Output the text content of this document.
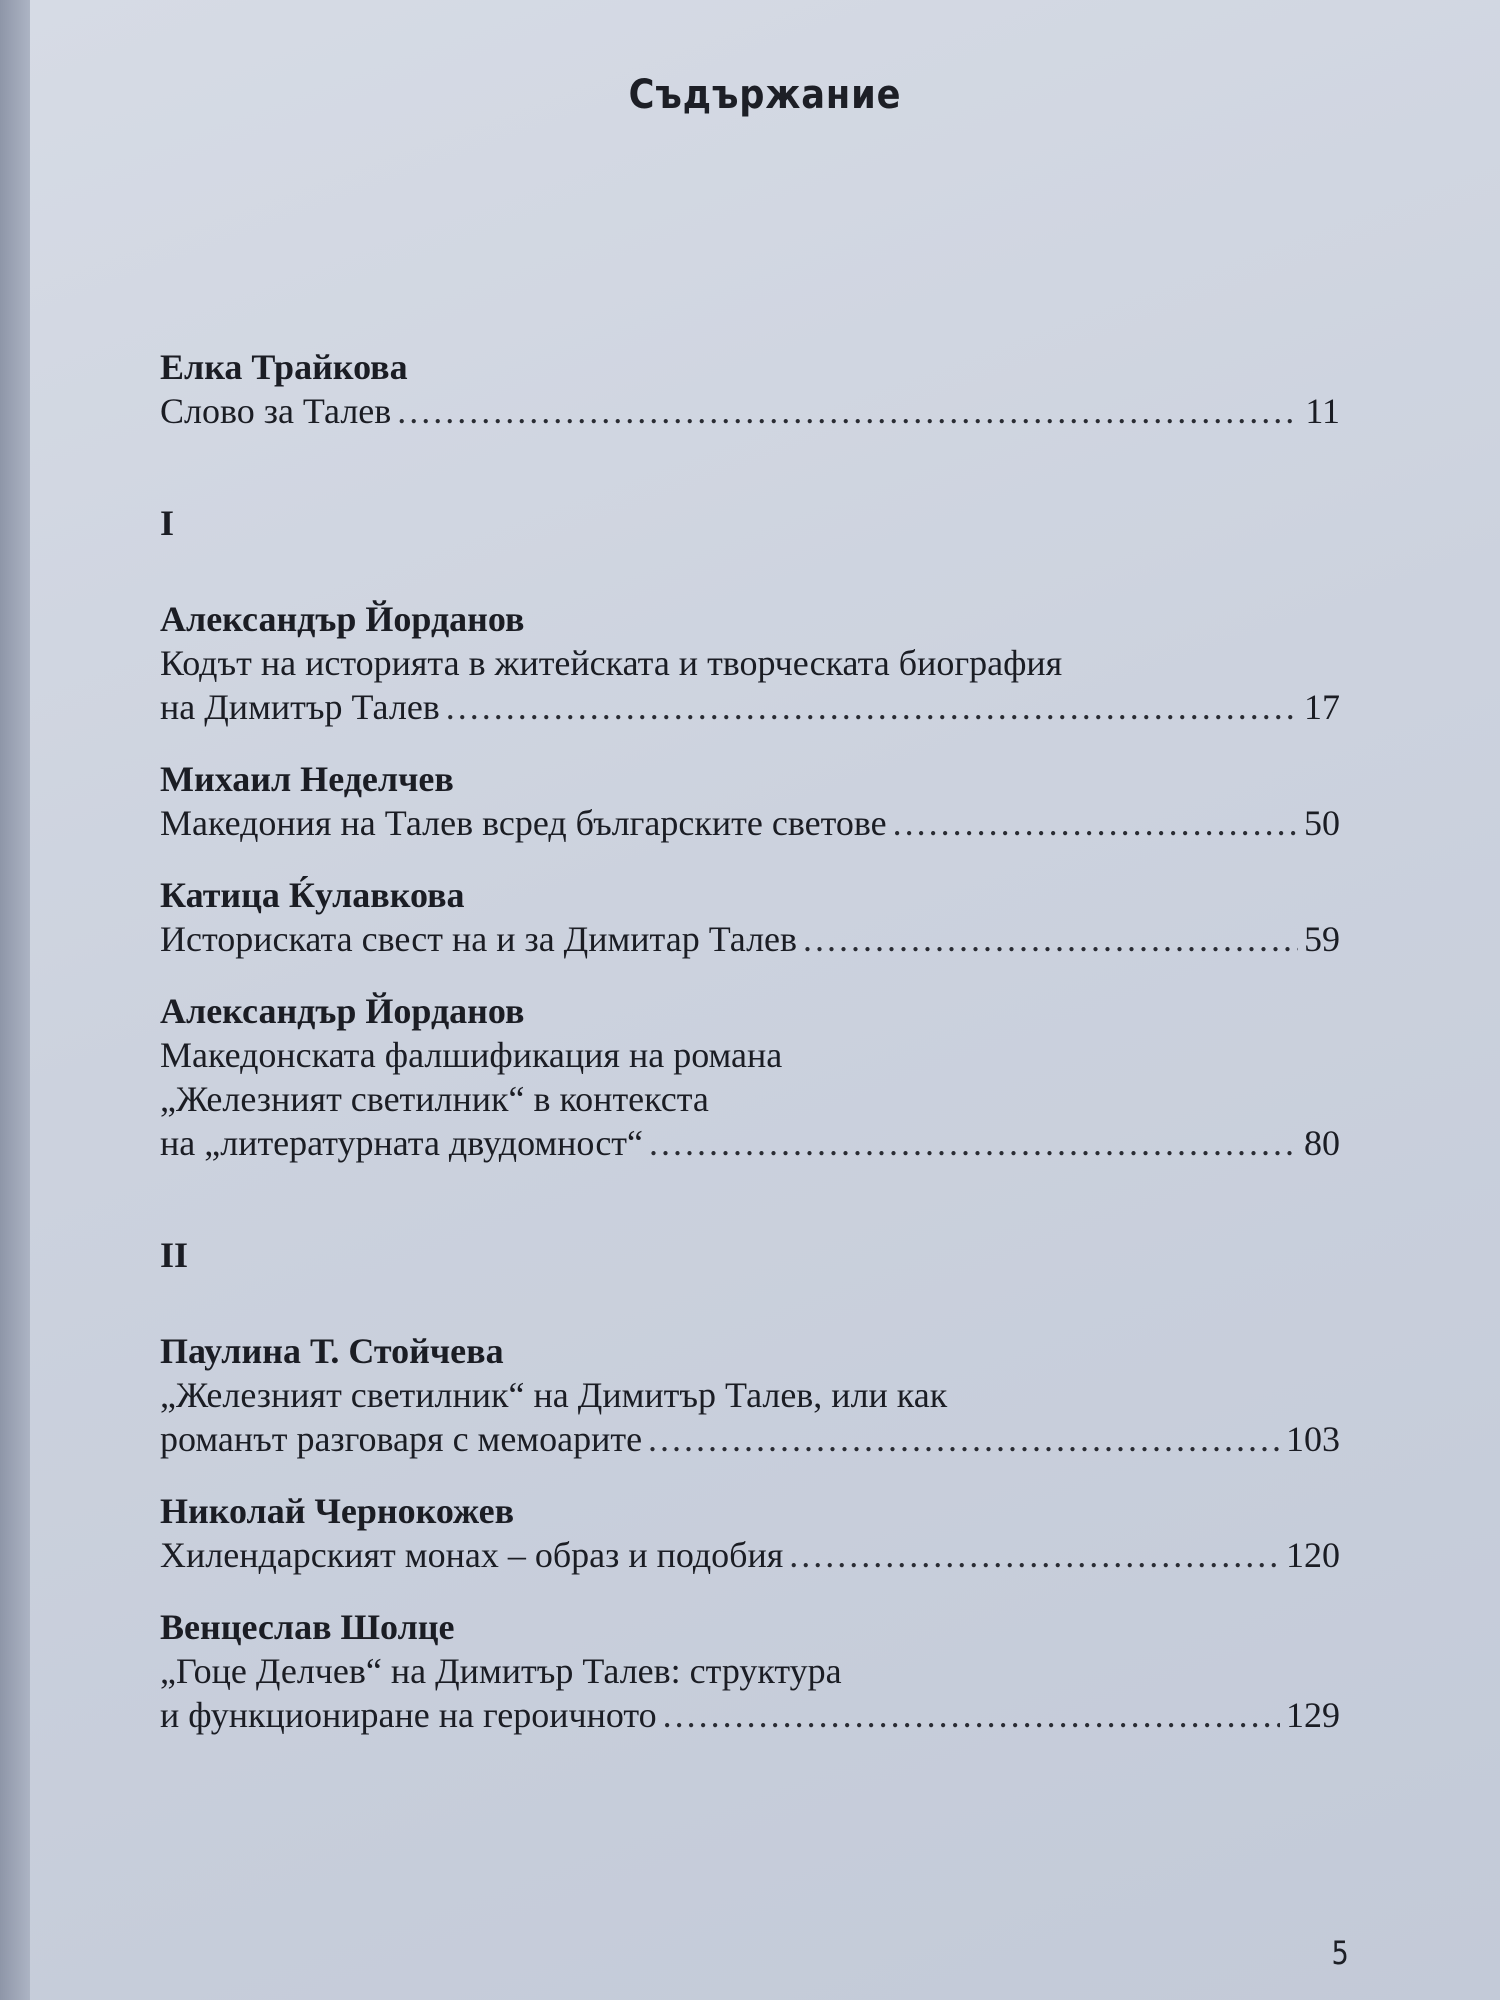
Съдържание
Елка Трайкова
Слово за Талев .....	11
I
Александър Йорданов
Кодът на историята в житейската и творческата биография
на Димитър Талев .....	17
Михаил Неделчев
Македония на Талев всред българските светове .....	50
Катица Ќулавкова
Историската свест на и за Димитар Талев .....	59
Александър Йорданов
Македонската фалшификация на романа
„Железният светилник“ в контекста
на „литературната двудомност“ .....	80
II
Паулина Т. Стойчева
„Железният светилник“ на Димитър Талев, или как
романът разговаря с мемоарите .....	103
Николай Чернокожев
Хилендарският монах – образ и подобия .....	120
Венцеслав Шолце
„Гоце Делчев“ на Димитър Талев: структура
и функциониране на героичното .....	129
5
